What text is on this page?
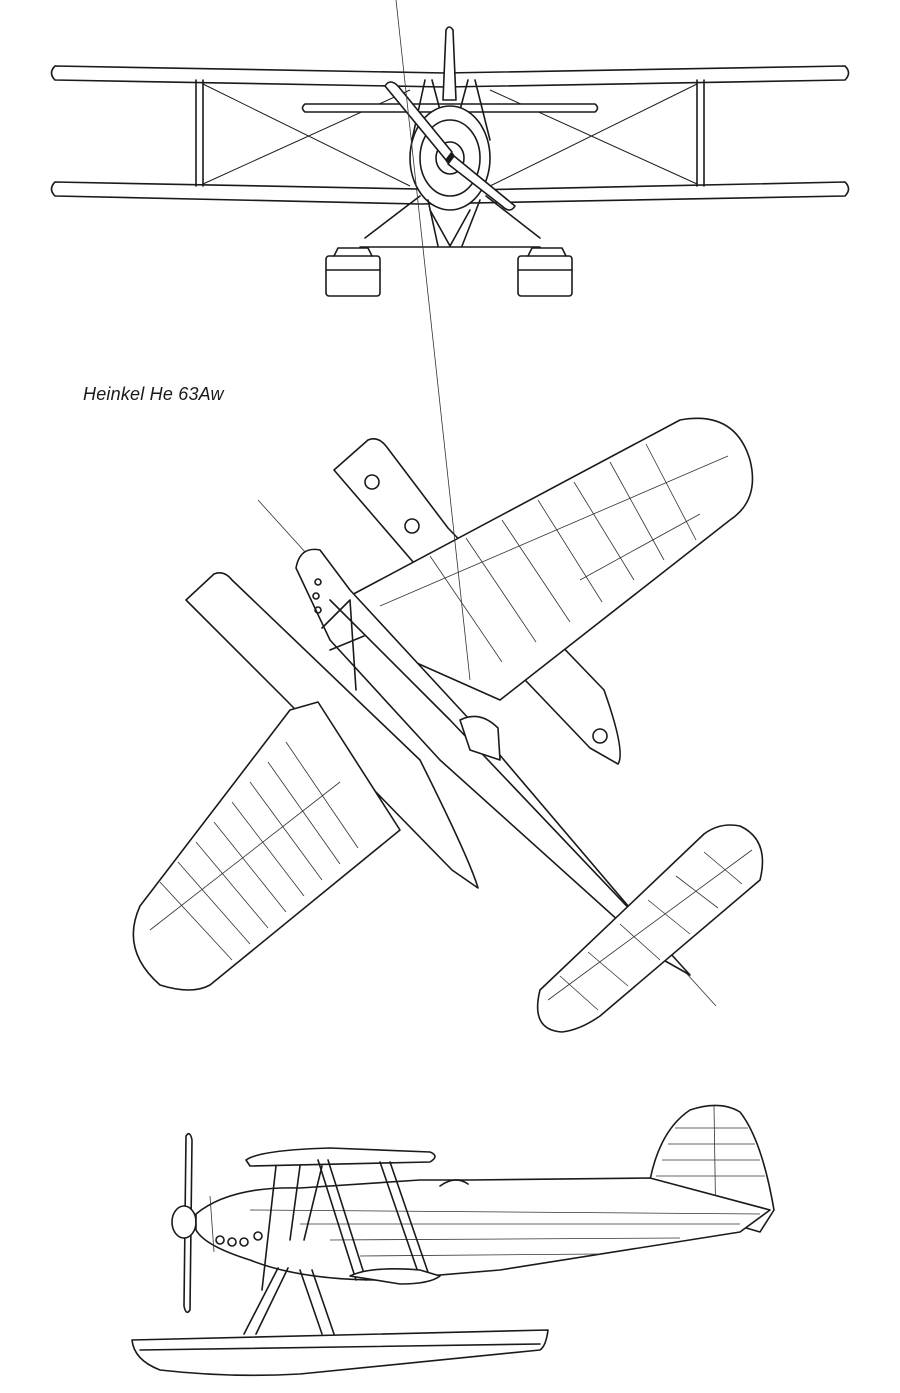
Heinkel He 63Aw
